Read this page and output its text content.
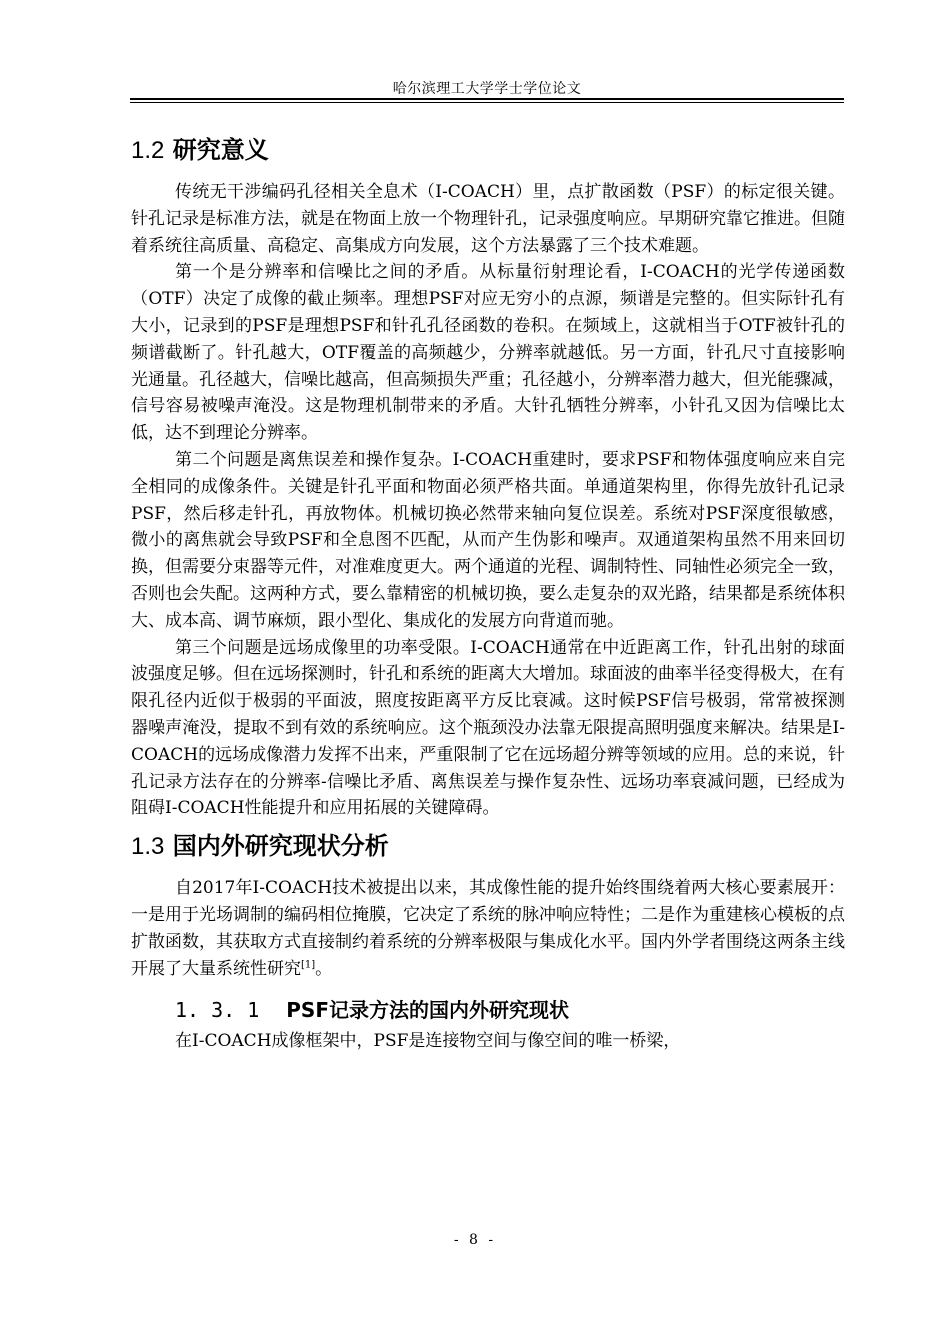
哈尔滨理工大学学士学位论文
1.2 研究意义

传统无干涉编码孔径相关全息术（I-COACH）里，点扩散函数（PSF）的标定很关键。针孔记录是标准方法，就是在物面上放一个物理针孔，记录强度响应。早期研究靠它推进。但随着系统往高质量、高稳定、高集成方向发展，这个方法暴露了三个技术难题。

第一个是分辨率和信噪比之间的矛盾。从标量衍射理论看，I-COACH的光学传递函数（OTF）决定了成像的截止频率。理想PSF对应无穷小的点源，频谱是完整的。但实际针孔有大小，记录到的PSF是理想PSF和针孔孔径函数的卷积。在频域上，这就相当于OTF被针孔的频谱截断了。针孔越大，OTF覆盖的高频越少，分辨率就越低。另一方面，针孔尺寸直接影响光通量。孔径越大，信噪比越高，但高频损失严重；孔径越小，分辨率潜力越大，但光能骤减，信号容易被噪声淹没。这是物理机制带来的矛盾。大针孔牺牲分辨率，小针孔又因为信噪比太低，达不到理论分辨率。

第二个问题是离焦误差和操作复杂。I-COACH重建时，要求PSF和物体强度响应来自完全相同的成像条件。关键是针孔平面和物面必须严格共面。单通道架构里，你得先放针孔记录PSF，然后移走针孔，再放物体。机械切换必然带来轴向复位误差。系统对PSF深度很敏感，微小的离焦就会导致PSF和全息图不匹配，从而产生伪影和噪声。双通道架构虽然不用来回切换，但需要分束器等元件，对准难度更大。两个通道的光程、调制特性、同轴性必须完全一致，否则也会失配。这两种方式，要么靠精密的机械切换，要么走复杂的双光路，结果都是系统体积大、成本高、调节麻烦，跟小型化、集成化的发展方向背道而驰。

第三个问题是远场成像里的功率受限。I-COACH通常在中近距离工作，针孔出射的球面波强度足够。但在远场探测时，针孔和系统的距离大大增加。球面波的曲率半径变得极大，在有限孔径内近似于极弱的平面波，照度按距离平方反比衰减。这时候PSF信号极弱，常常被探测器噪声淹没，提取不到有效的系统响应。这个瓶颈没办法靠无限提高照明强度来解决。结果是I-COACH的远场成像潜力发挥不出来，严重限制了它在远场超分辨等领域的应用。总的来说，针孔记录方法存在的分辨率-信噪比矛盾、离焦误差与操作复杂性、远场功率衰减问题，已经成为阻碍I-COACH性能提升和应用拓展的关键障碍。

1.3 国内外研究现状分析

自2017年I-COACH技术被提出以来，其成像性能的提升始终围绕着两大核心要素展开：一是用于光场调制的编码相位掩膜，它决定了系统的脉冲响应特性；二是作为重建核心模板的点扩散函数，其获取方式直接制约着系统的分辨率极限与集成化水平。国内外学者围绕这两条主线开展了大量系统性研究[1]。

1. 3. 1 PSF记录方法的国内外研究现状

在I-COACH成像框架中，PSF是连接物空间与像空间的唯一桥梁，

- 8 -
